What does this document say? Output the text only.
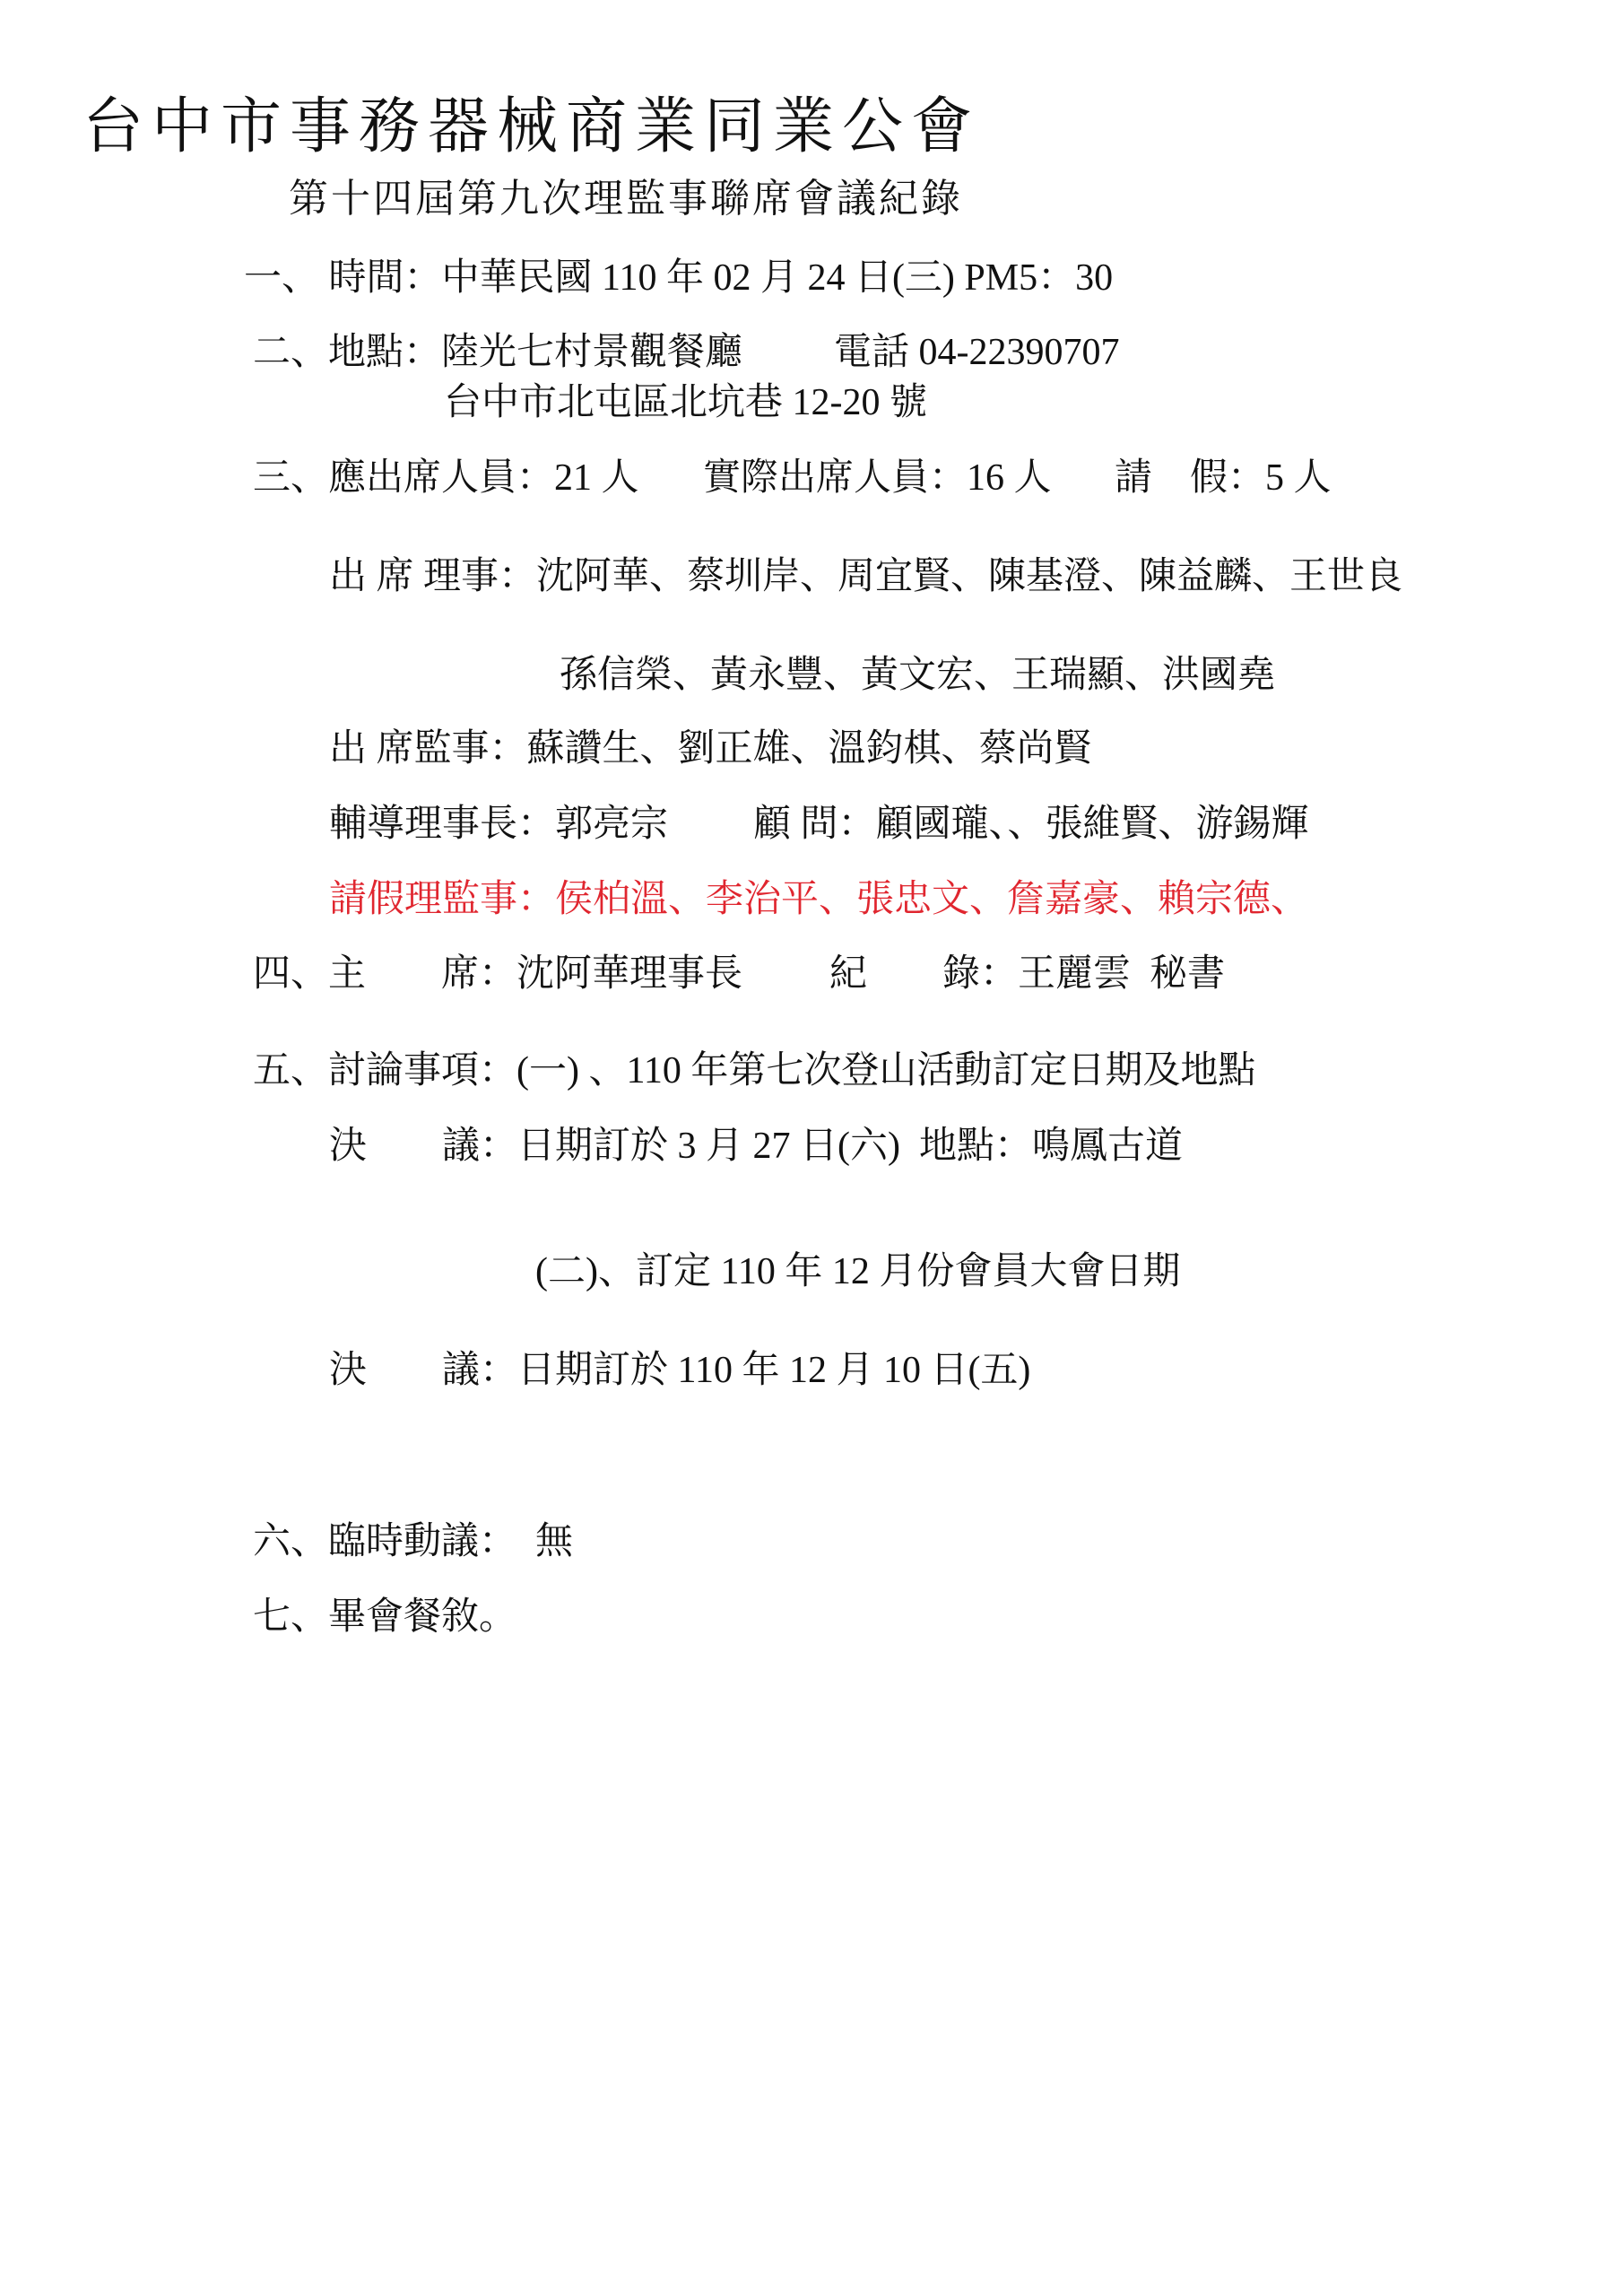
台中市事務器械商業同業公會
第十四屆第九次理監事聯席會議紀錄
一、 時間：中華民國 110 年 02 月 24 日(三) PM5：30
二、地點：陸光七村景觀餐廳 電話 04-22390707
台中市北屯區北坑巷 12-20 號
三、應出席人員：21 人 實際出席人員：16 人 請　假：5 人
出 席 理事：沈阿華、蔡圳岸、周宜賢、陳基澄、陳益麟、王世良
孫信榮、黃永豐、黃文宏、王瑞顯、洪國堯
出 席監事：蘇讚生、劉正雄、溫鈞棋、蔡尚賢
輔導理事長：郭亮宗 顧 問：顧國瓏、、張維賢、游錫輝
請假理監事：侯柏溫、李治平、張忠文、詹嘉豪、賴宗德、
四、主　　席：沈阿華理事長 紀　　錄：王麗雲  秘書
五、討論事項：(一) 、110 年第七次登山活動訂定日期及地點
決　　議：日期訂於 3 月 27 日(六)  地點：鳴鳳古道
(二)、訂定 110 年 12 月份會員大會日期
決　　議：日期訂於 110 年 12 月 10 日(五)
六、臨時動議：  無
七、畢會餐敘。
